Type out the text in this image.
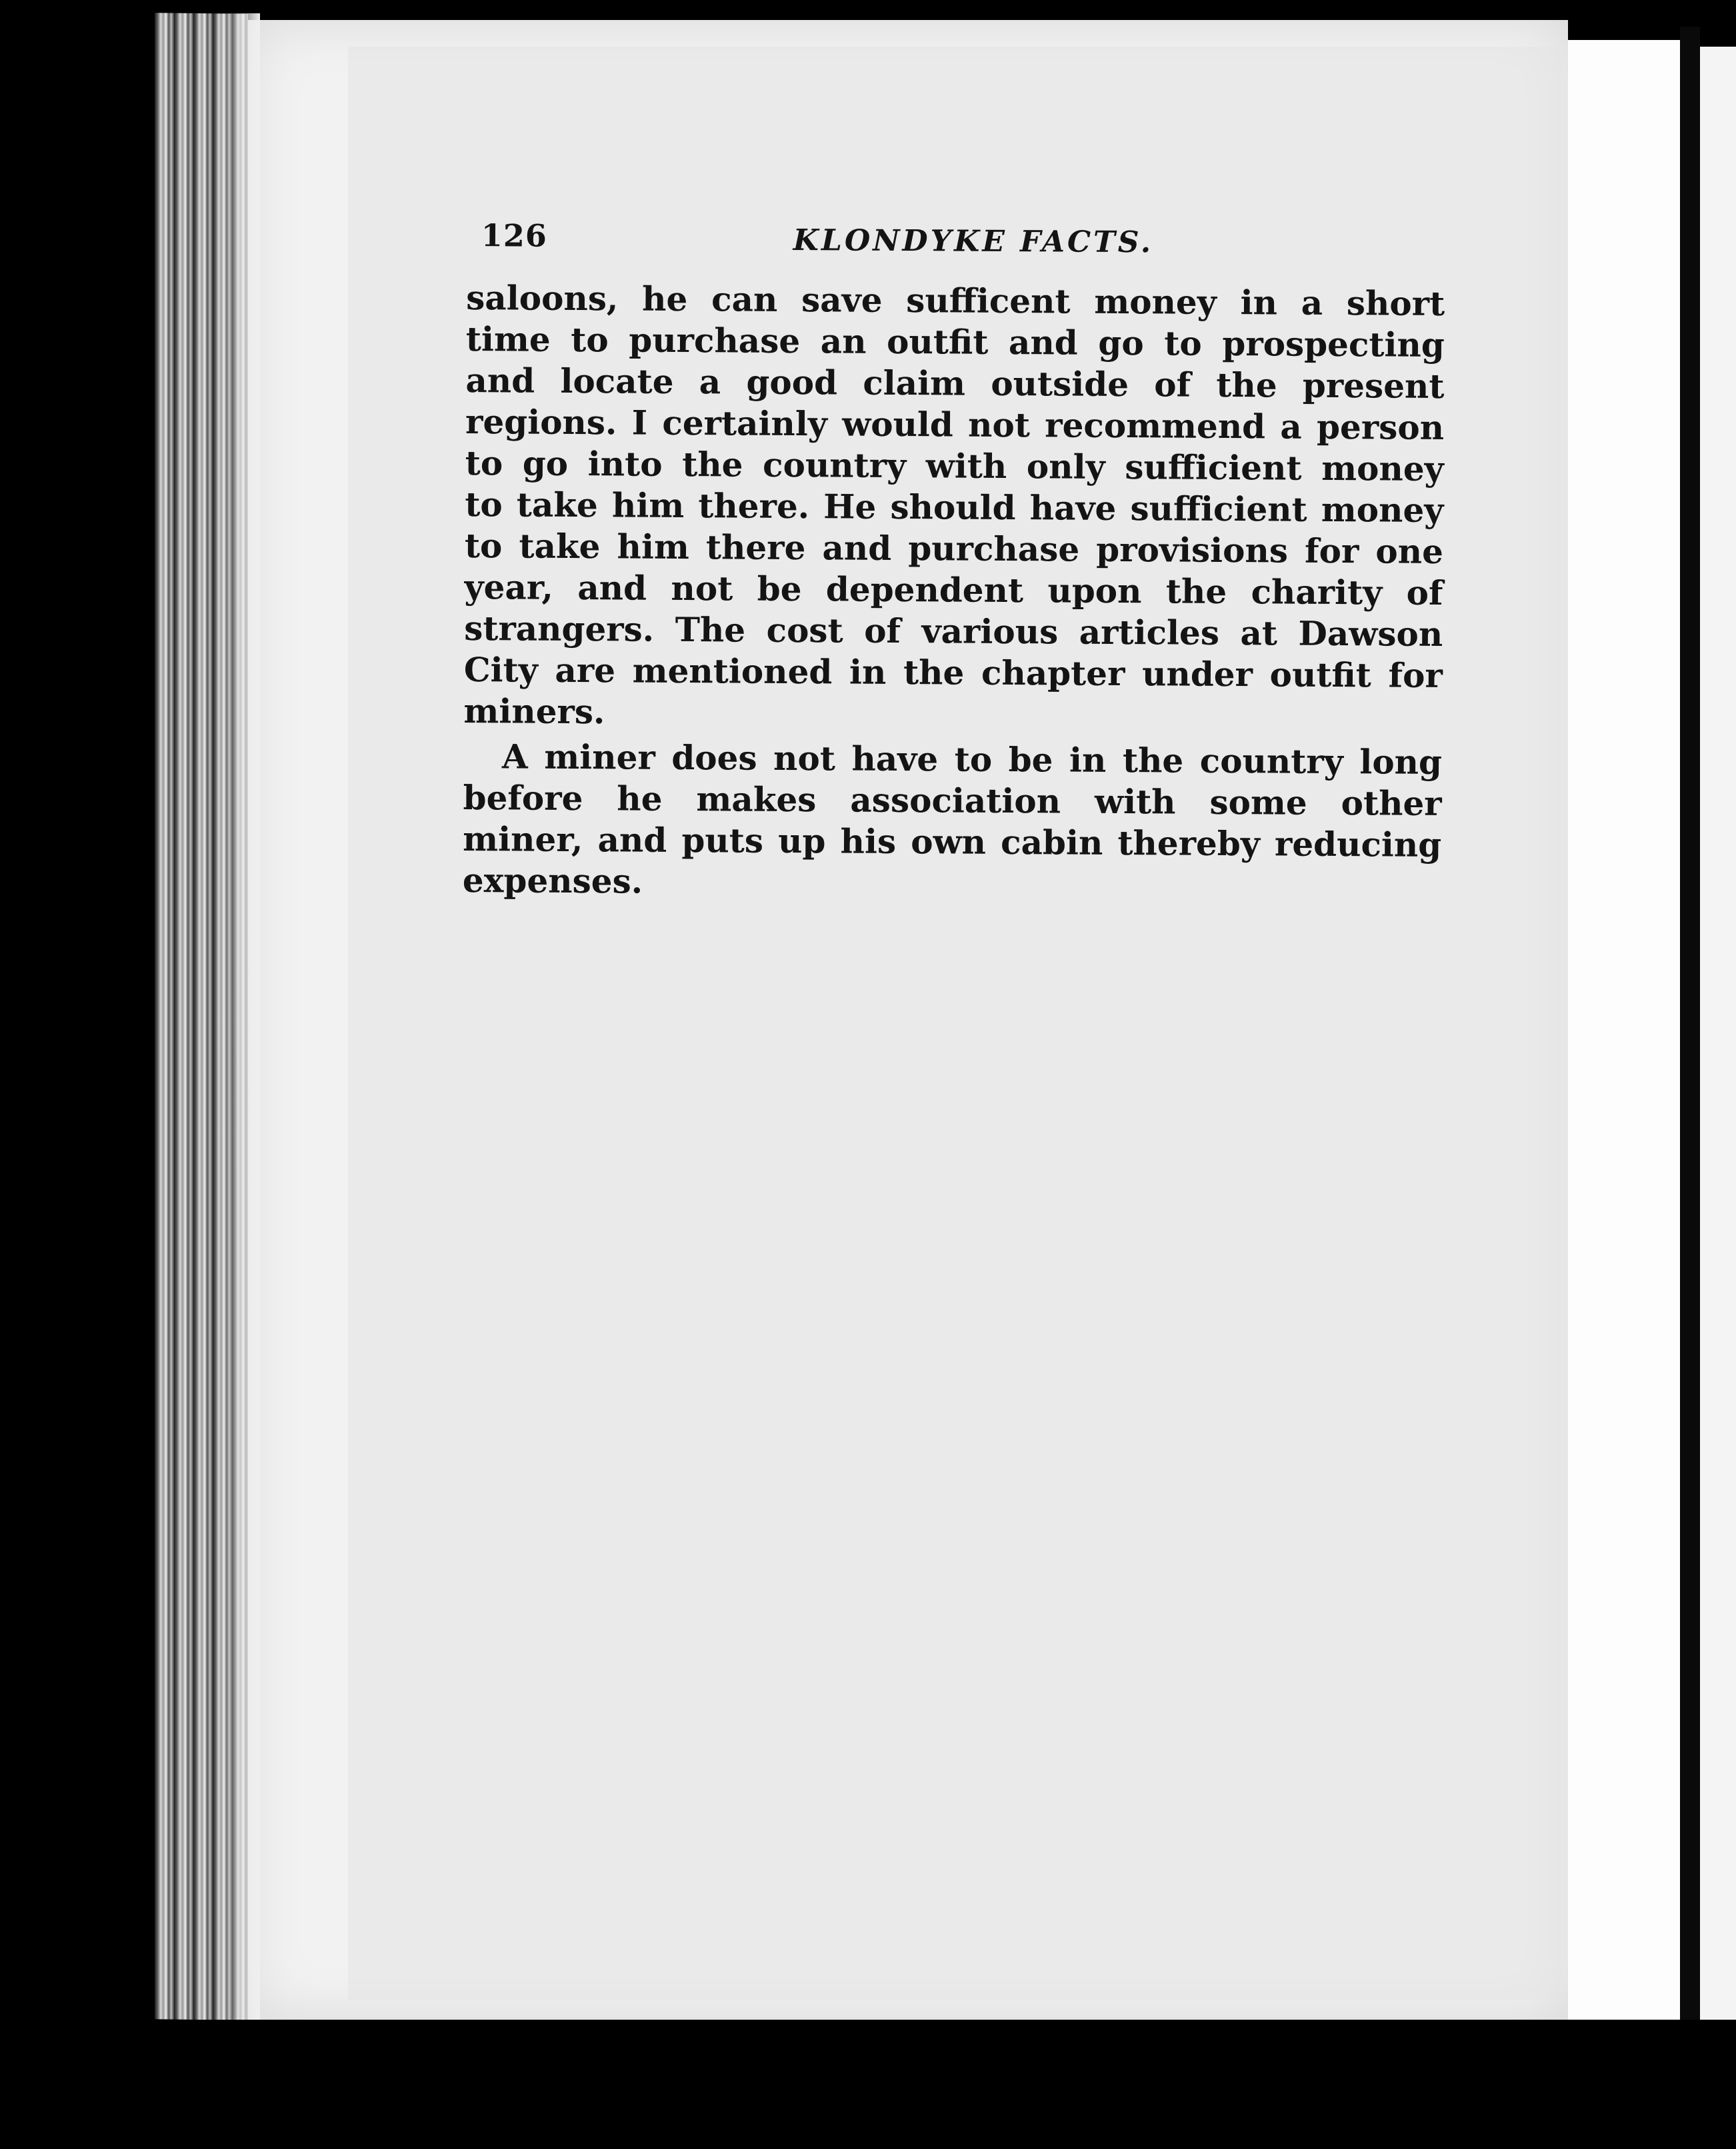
126	KLONDYKE FACTS.

saloons, he can save sufficent money in a short time to purchase an outfit and go to prospecting and locate a good claim outside of the present regions. I certainly would not recommend a person to go into the country with only sufficient money to take him there. He should have sufficient money to take him there and purchase provisions for one year, and not be dependent upon the charity of strangers. The cost of various articles at Dawson City are mentioned in the chapter under outfit for miners.

A miner does not have to be in the country long before he makes association with some other miner, and puts up his own cabin thereby reducing expenses.
